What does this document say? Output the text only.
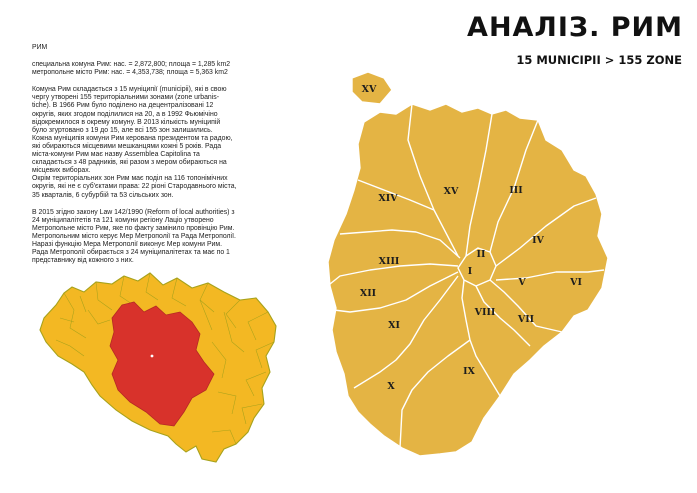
АНАЛІЗ. РИМ
15 MUNICIPII > 155 ZONE

РИМ

специальна комуна Рим: нас. = 2,872,800; площа = 1,285 km2

метропольне місто Рим: нас. = 4,353,738; площа = 5,363 km2

Комуна Рим складається з 15 муніципії (municipii), які в свою чергу утворені 155 територіальними зонами (zone urbanis-tiche). В 1966 Рим було поділено на децентралізовані 12 округів, яких згодом поділилися на 20, а в 1992 Фьюмічіно відокремилося в окрему комуну. В 2013 кількість муніципій було згуртовано з 19 до 15, але всі 155 зон залишились.

Кожна муніципія комуни Рим керована президентом та радою, які обираються місцевими мешканцями кожні 5 років. Рада міста-комуни Рим має назву Assemblea Capitolina та складається з 48 радників, які разом з мером обираються на місцевих виборах.

Окрім територіальних зон Рим має поділ на 116 топонімічних округів, які не є суб'єктами права: 22 ріоні Стародавнього міста, 35 кварталів, 6 субурбій та 53 сільських зон.

В 2015 згідно закону Law 142/1990 (Reform of local authorities) з 24 муніципалітетів та 121 комуни регіону Лаціо утворено Метропольне місто Рим, яке по факту замінило провінцію Рим. Метропольним місто керує Мер Метрополії та Рада Метрополії. Наразі функцію Мера Метрополії виконує Мер комуни Рим. Рада Метрополії обирається з 24 муніципалітетах та має по 1 представнику від кожного з них.

XV
XV	III
XIV
IV
II
XIII
I
V	VI
XII
VIII
VII
XI
IX
X
